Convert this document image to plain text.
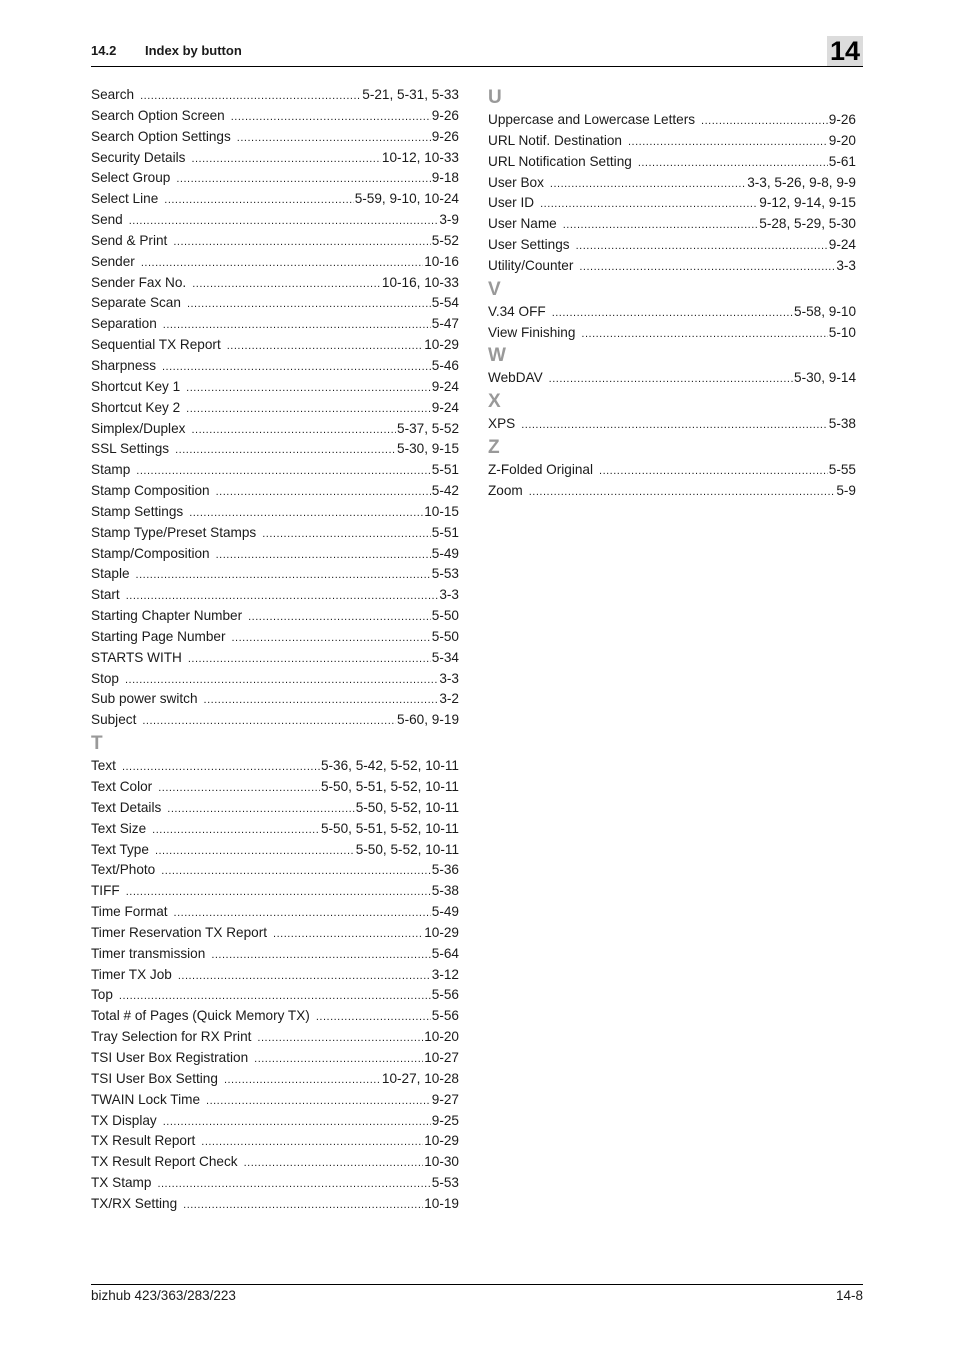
14.2 Index by button	14
Search .....	5-21, 5-31, 5-33
Search Option Screen .....	9-26
Search Option Settings .....	9-26
Security Details .....	10-12, 10-33
Select Group .....	9-18
Select Line .....	5-59, 9-10, 10-24
Send .....	3-9
Send & Print .....	5-52
Sender .....	10-16
Sender Fax No. .....	10-16, 10-33
Separate Scan .....	5-54
Separation .....	5-47
Sequential TX Report .....	10-29
Sharpness .....	5-46
Shortcut Key 1 .....	9-24
Shortcut Key 2 .....	9-24
Simplex/Duplex .....	5-37, 5-52
SSL Settings .....	5-30, 9-15
Stamp .....	5-51
Stamp Composition .....	5-42
Stamp Settings .....	10-15
Stamp Type/Preset Stamps .....	5-51
Stamp/Composition .....	5-49
Staple .....	5-53
Start .....	3-3
Starting Chapter Number .....	5-50
Starting Page Number .....	5-50
STARTS WITH .....	5-34
Stop .....	3-3
Sub power switch .....	3-2
Subject .....	5-60, 9-19
T
Text .....	5-36, 5-42, 5-52, 10-11
Text Color .....	5-50, 5-51, 5-52, 10-11
Text Details .....	5-50, 5-52, 10-11
Text Size .....	5-50, 5-51, 5-52, 10-11
Text Type .....	5-50, 5-52, 10-11
Text/Photo .....	5-36
TIFF .....	5-38
Time Format .....	5-49
Timer Reservation TX Report .....	10-29
Timer transmission .....	5-64
Timer TX Job .....	3-12
Top .....	5-56
Total # of Pages (Quick Memory TX) .....	5-56
Tray Selection for RX Print .....	10-20
TSI User Box Registration .....	10-27
TSI User Box Setting .....	10-27, 10-28
TWAIN Lock Time .....	9-27
TX Display .....	9-25
TX Result Report .....	10-29
TX Result Report Check .....	10-30
TX Stamp .....	5-53
TX/RX Setting .....	10-19
U
Uppercase and Lowercase Letters .....	9-26
URL Notif. Destination .....	9-20
URL Notification Setting .....	5-61
User Box .....	3-3, 5-26, 9-8, 9-9
User ID .....	9-12, 9-14, 9-15
User Name .....	5-28, 5-29, 5-30
User Settings .....	9-24
Utility/Counter .....	3-3
V
V.34 OFF .....	5-58, 9-10
View Finishing .....	5-10
W
WebDAV .....	5-30, 9-14
X
XPS .....	5-38
Z
Z-Folded Original .....	5-55
Zoom .....	5-9
bizhub 423/363/283/223	14-8
